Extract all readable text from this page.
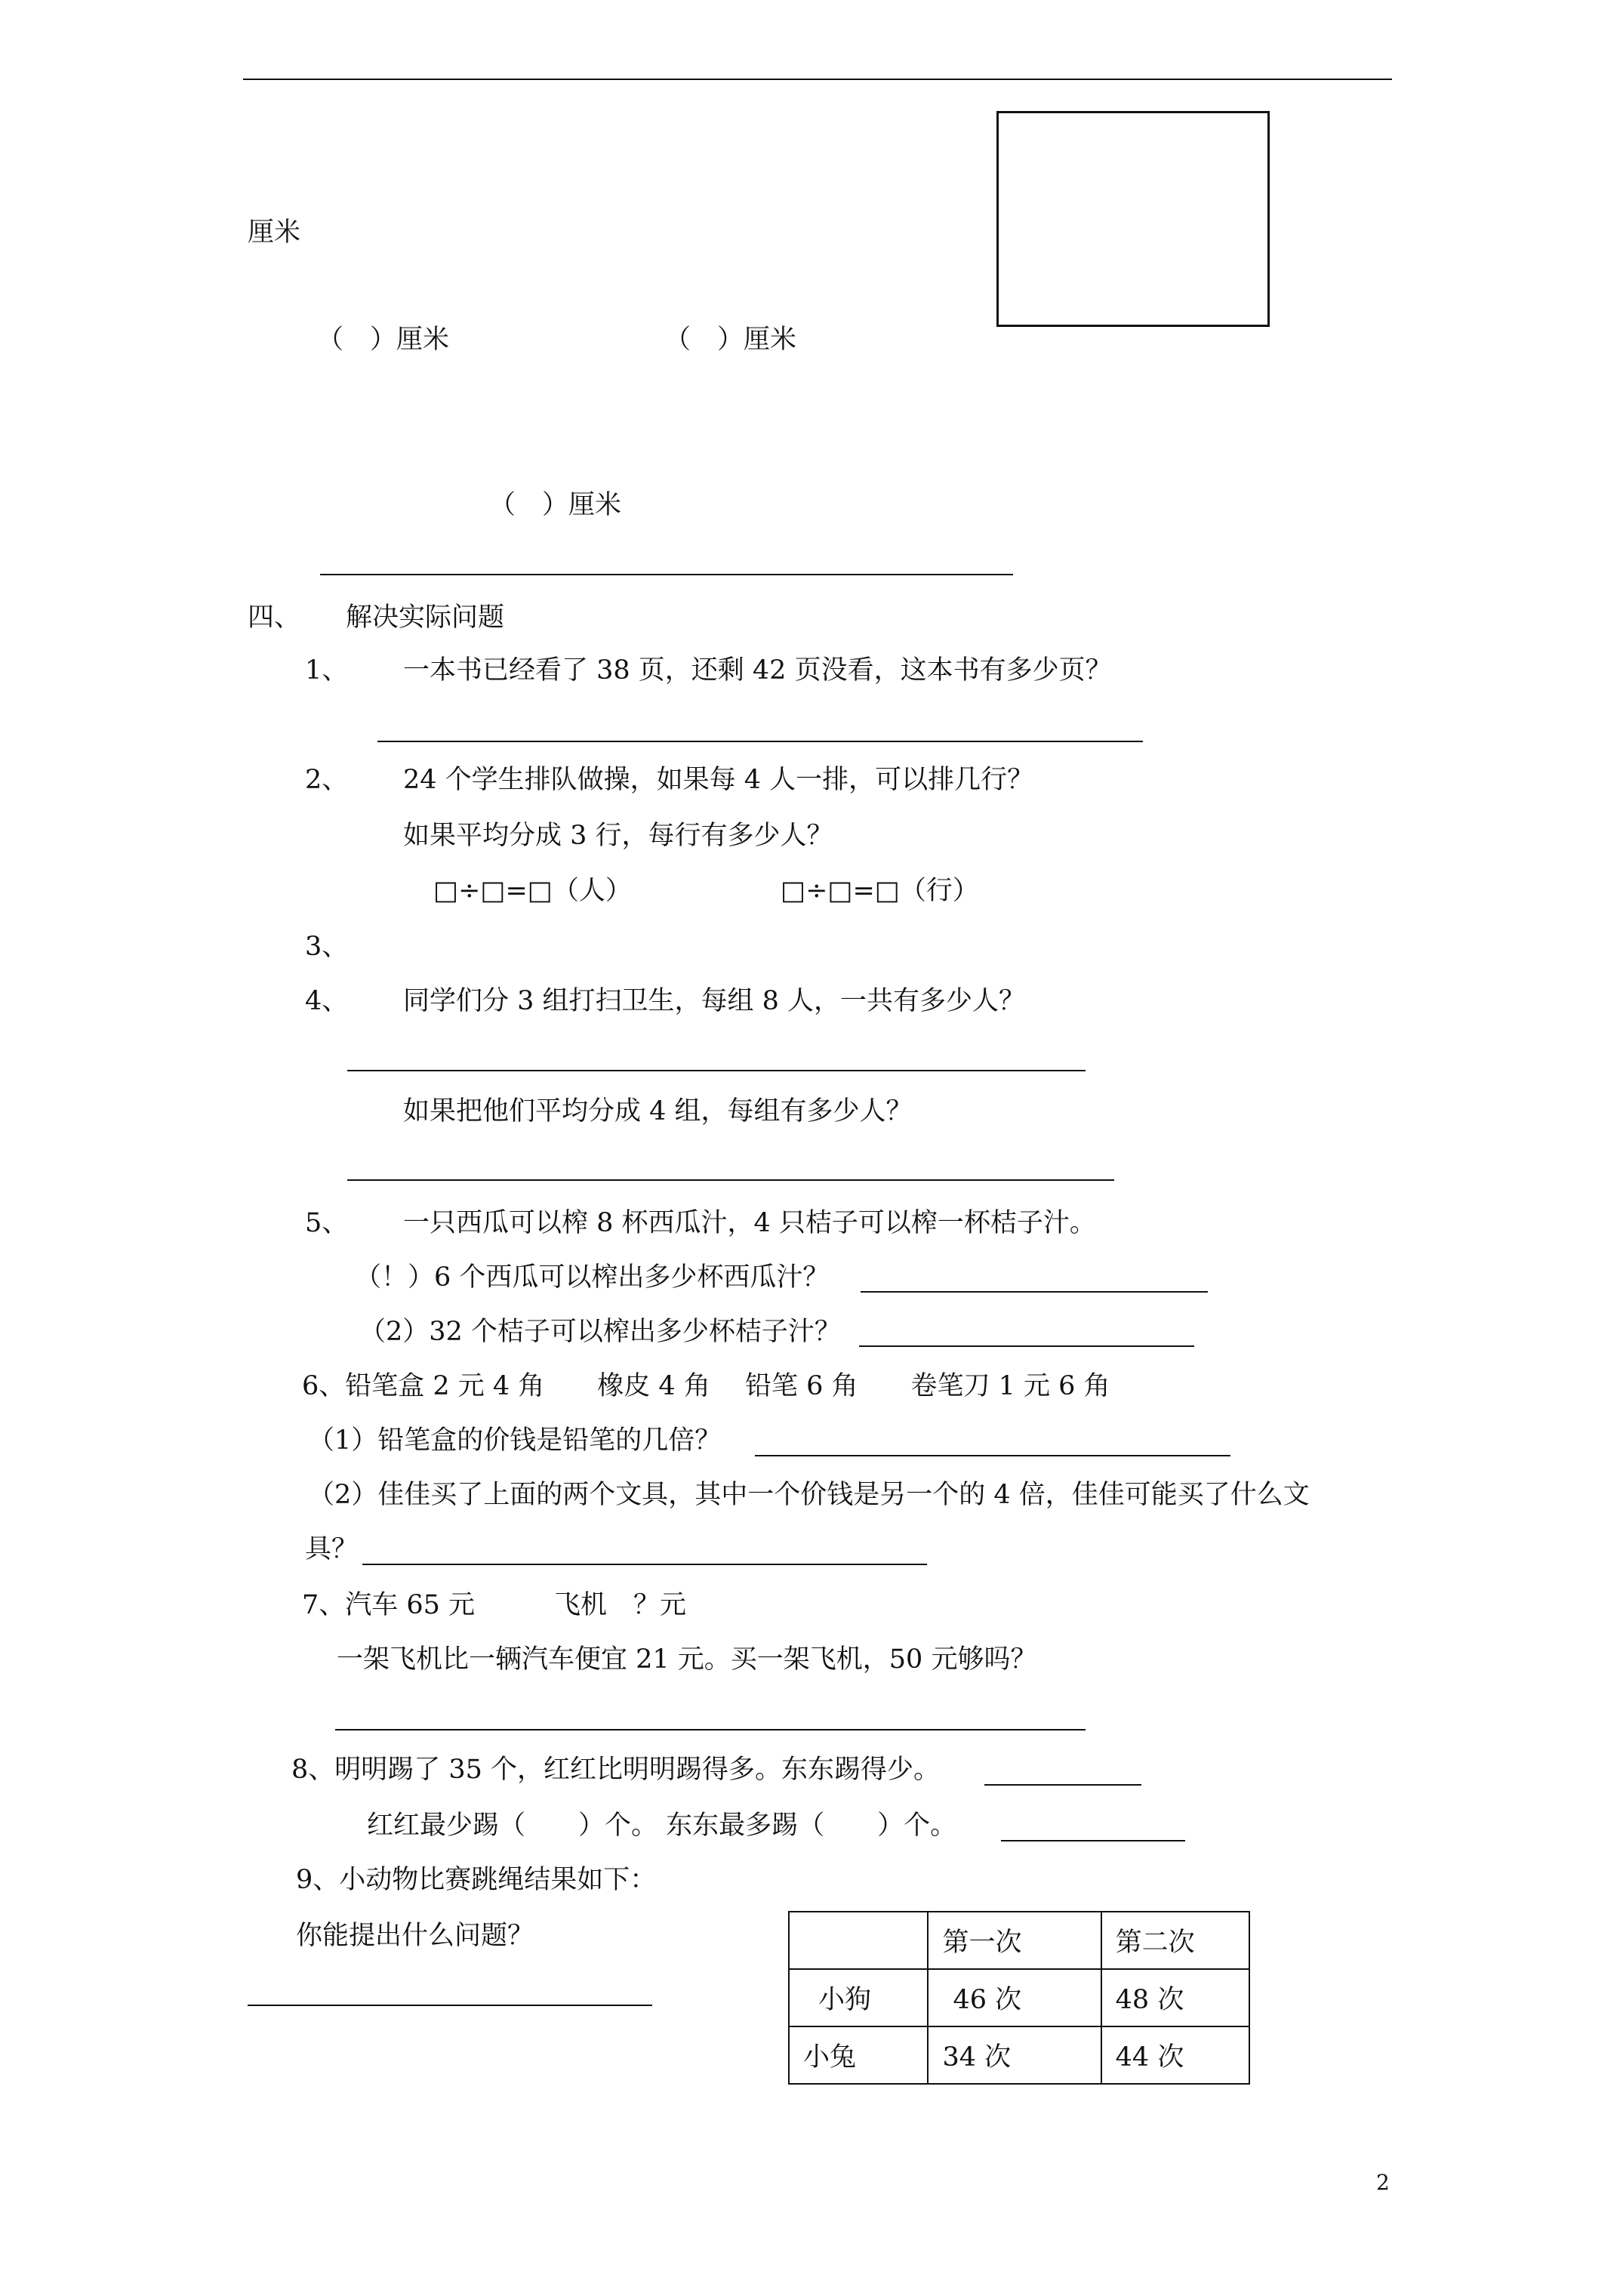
厘米
（　）厘米	（　）厘米
（　）厘米
四、 解决实际问题
1、 一本书已经看了 38 页，还剩 42 页没看，这本书有多少页？
2、 24 个学生排队做操，如果每 4 人一排，可以排几行？
如果平均分成 3 行，每行有多少人？
□÷□=□（人）	□÷□=□（行）
3、
4、 同学们分 3 组打扫卫生，每组 8 人，一共有多少人？
如果把他们平均分成 4 组，每组有多少人？
5、 一只西瓜可以榨 8 杯西瓜汁，4 只桔子可以榨一杯桔子汁。
（！）6 个西瓜可以榨出多少杯西瓜汁？
（2）32 个桔子可以榨出多少杯桔子汁？
6、铅笔盒 2 元 4 角　　橡皮 4 角　 铅笔 6 角　　卷笔刀 1 元 6 角
（1）铅笔盒的价钱是铅笔的几倍？
（2）佳佳买了上面的两个文具，其中一个价钱是另一个的 4 倍，佳佳可能买了什么文
具？
7、汽车 65 元　　　飞机　？元
一架飞机比一辆汽车便宜 21 元。买一架飞机，50 元够吗？
8、明明踢了 35 个，红红比明明踢得多。东东踢得少。
红红最少踢（　　）个。 东东最多踢（　　）个。
9、小动物比赛跳绳结果如下：
你能提出什么问题？
		第一次	第二次
小狗	46 次	48 次
小兔	34 次	44 次
2
